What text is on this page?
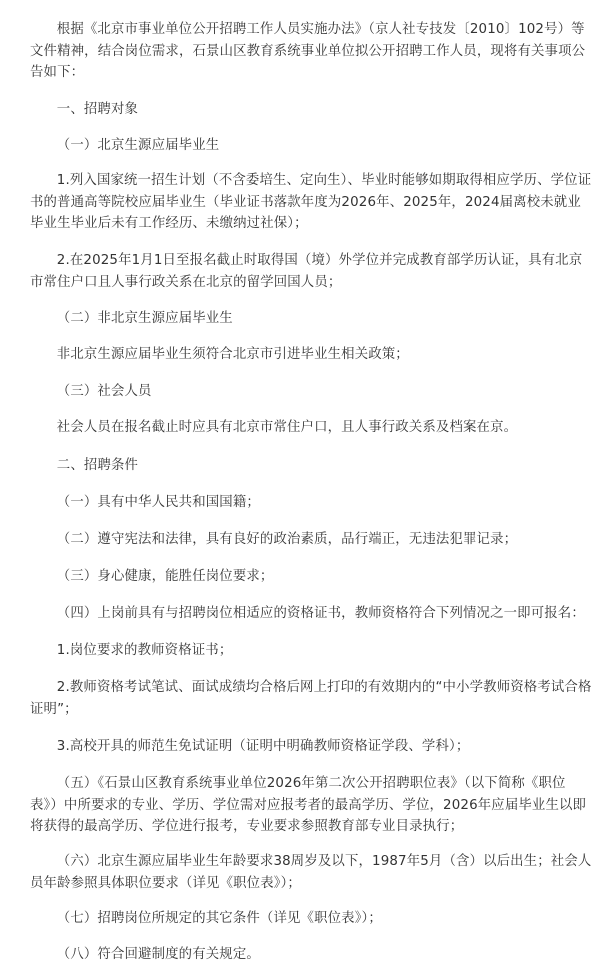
根据《北京市事业单位公开招聘工作人员实施办法》（京人社专技发〔2010〕102号）等文件精神，结合岗位需求，石景山区教育系统事业单位拟公开招聘工作人员，现将有关事项公告如下：

一、招聘对象

（一）北京生源应届毕业生

1.列入国家统一招生计划（不含委培生、定向生）、毕业时能够如期取得相应学历、学位证书的普通高等院校应届毕业生（毕业证书落款年度为2026年、2025年，2024届离校未就业毕业生毕业后未有工作经历、未缴纳过社保）；

2.在2025年1月1日至报名截止时取得国（境）外学位并完成教育部学历认证，具有北京市常住户口且人事行政关系在北京的留学回国人员；

（二）非北京生源应届毕业生

非北京生源应届毕业生须符合北京市引进毕业生相关政策；

（三）社会人员

社会人员在报名截止时应具有北京市常住户口，且人事行政关系及档案在京。

二、招聘条件

（一）具有中华人民共和国国籍；

（二）遵守宪法和法律，具有良好的政治素质，品行端正，无违法犯罪记录；

（三）身心健康，能胜任岗位要求；

（四）上岗前具有与招聘岗位相适应的资格证书，教师资格符合下列情况之一即可报名：

1.岗位要求的教师资格证书；

2.教师资格考试笔试、面试成绩均合格后网上打印的有效期内的“中小学教师资格考试合格证明”；

3.高校开具的师范生免试证明（证明中明确教师资格证学段、学科）；

（五）《石景山区教育系统事业单位2026年第二次公开招聘职位表》（以下简称《职位表》）中所要求的专业、学历、学位需对应报考者的最高学历、学位，2026年应届毕业生以即将获得的最高学历、学位进行报考，专业要求参照教育部专业目录执行；

（六）北京生源应届毕业生年龄要求38周岁及以下，1987年5月（含）以后出生；社会人员年龄参照具体职位要求（详见《职位表》）；

（七）招聘岗位所规定的其它条件（详见《职位表》）；

（八）符合回避制度的有关规定。
